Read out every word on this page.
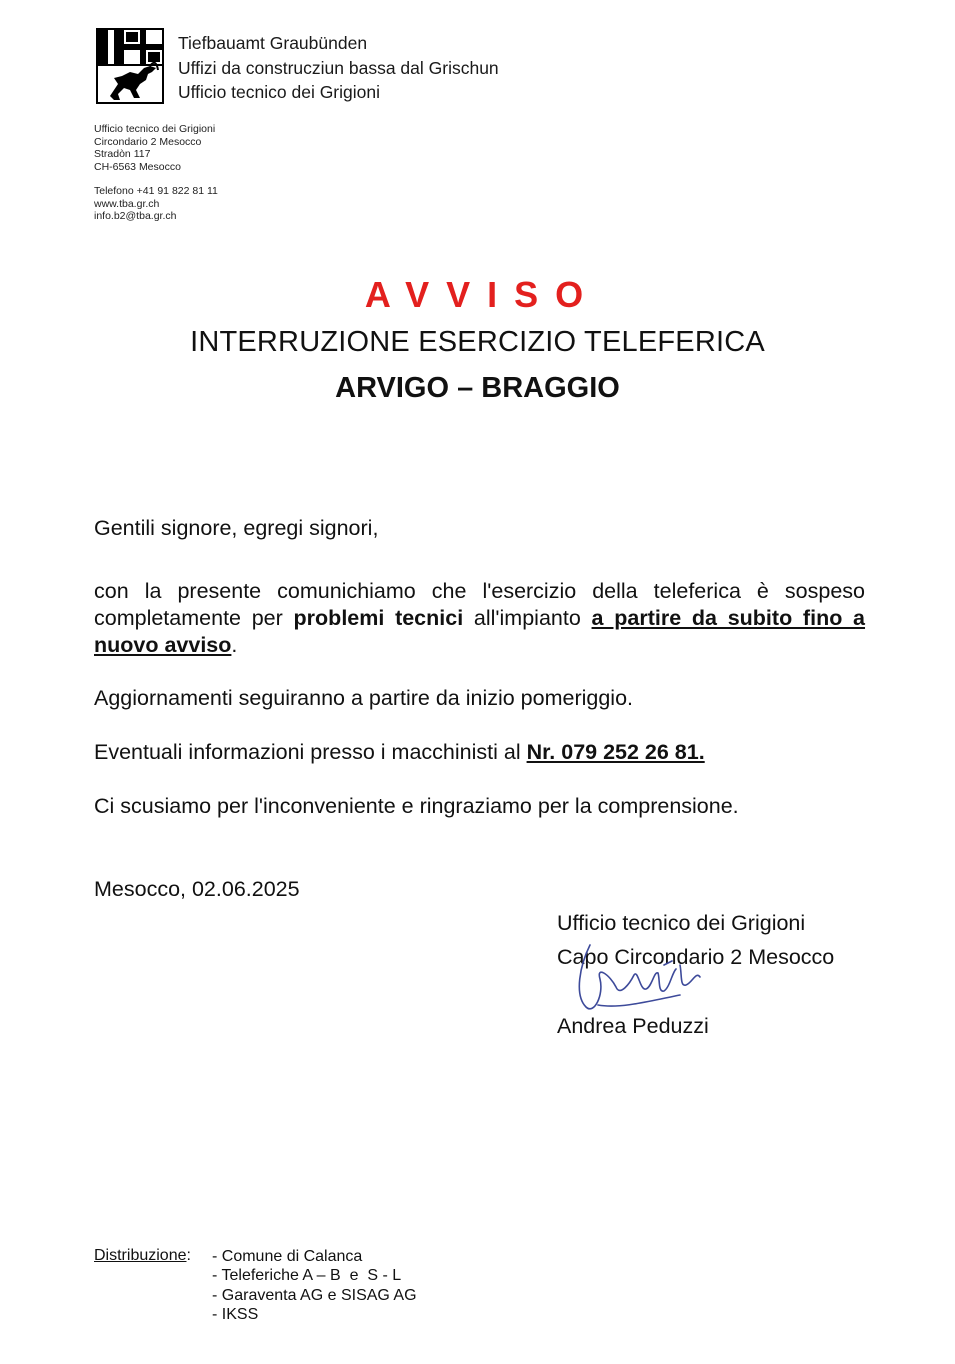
Tiefbauamt Graubünden
Uffizi da construcziun bassa dal Grischun
Ufficio tecnico dei Grigioni
Ufficio tecnico dei Grigioni
Circondario 2 Mesocco
Stradòn 117
CH-6563 Mesocco
Telefono +41 91 822 81 11
www.tba.gr.ch
info.b2@tba.gr.ch
AVVISO
INTERRUZIONE ESERCIZIO TELEFERICA
ARVIGO – BRAGGIO
Gentili signore, egregi signori,
con la presente comunichiamo che l'esercizio della teleferica è sospeso completamente per problemi tecnici all'impianto a partire da subito fino a nuovo avviso.
Aggiornamenti seguiranno a partire da inizio pomeriggio.
Eventuali informazioni presso i macchinisti al Nr. 079 252 26 81.
Ci scusiamo per l'inconveniente e ringraziamo per la comprensione.
Mesocco, 02.06.2025
Ufficio tecnico dei Grigioni
Capo Circondario 2 Mesocco
Andrea Peduzzi
Distribuzione: - Comune di Calanca
- Teleferiche A – B  e  S - L
- Garaventa AG e SISAG AG
- IKSS
